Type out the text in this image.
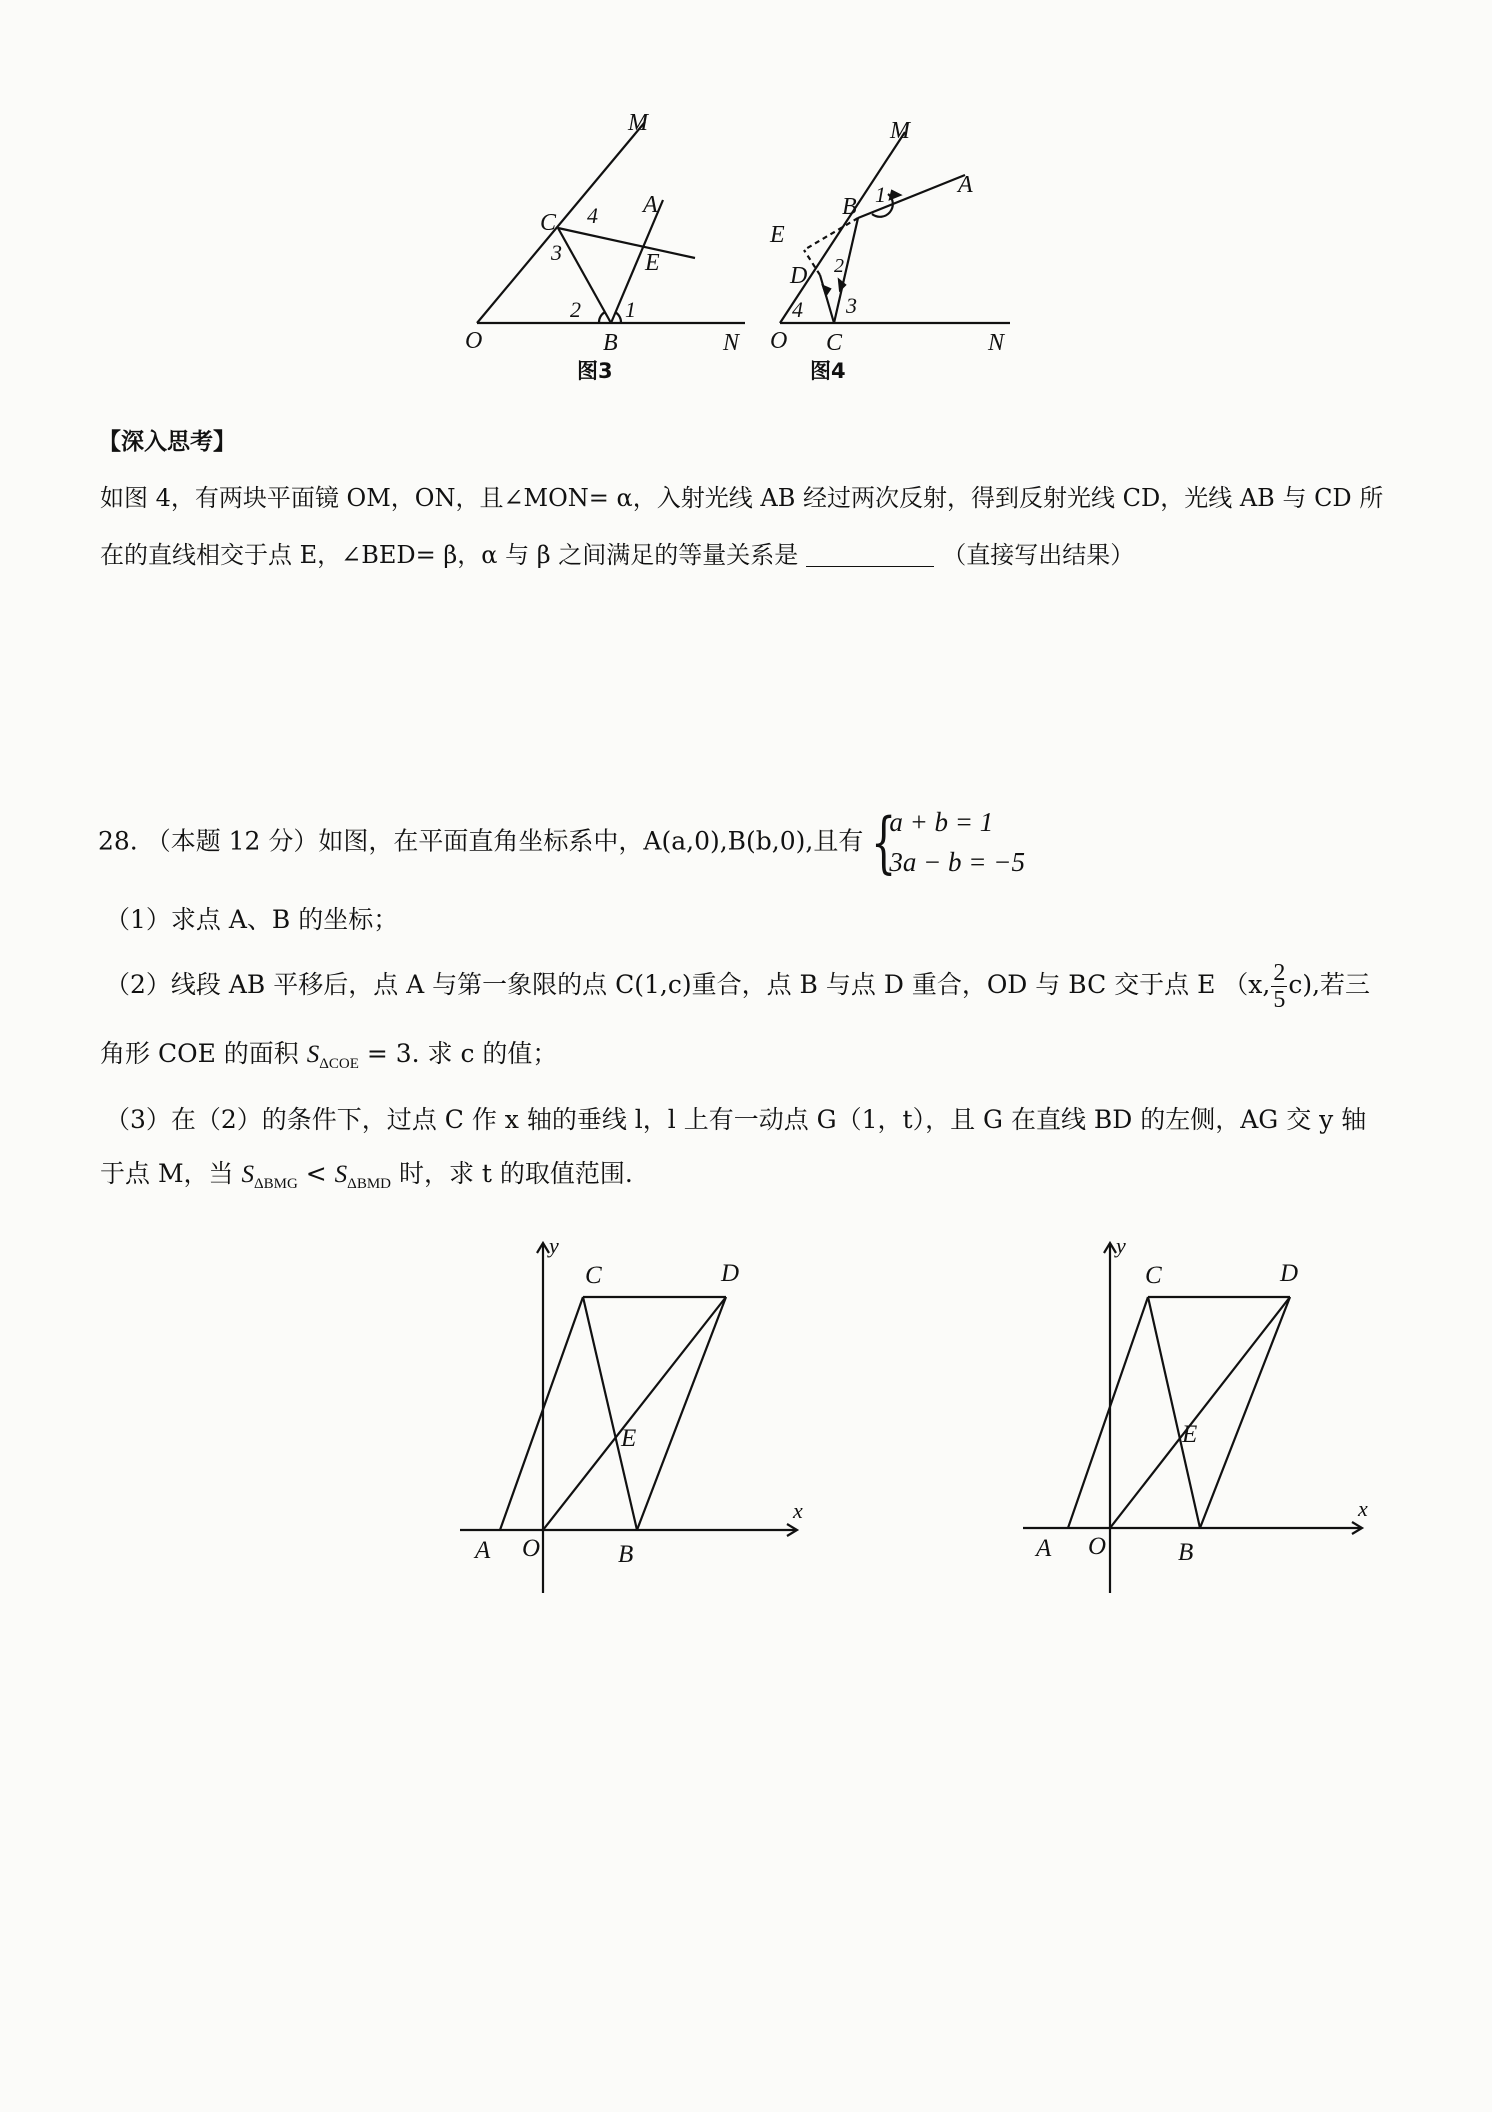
M
A
C 4
3	E
2 1
O	B	N
图3
M
A
B 1
E
D 2
4 3
O C	N
图4
【深入思考】
如图 4，有两块平面镜 OM，ON，且∠MON= α，入射光线 AB 经过两次反射，得到反射光线 CD，光线 AB 与 CD 所
在的直线相交于点 E，∠BED= β，α 与 β 之间满足的等量关系是	（直接写出结果）
28. （本题 12 分）如图，在平面直角坐标系中，A(a,0),B(b,0),且有 {
a + b = 1
3a − b = −5
（1）求点 A、B 的坐标；
（2）线段 AB 平移后，点 A 与第一象限的点 C(1,c)重合，点 B 与点 D 重合，OD 与 BC 交于点 E （x, $\frac{2}{5} c$),若三
角形 COE 的面积 $S_{\Delta COE} = 3$. 求 c 的值；
（3）在（2）的条件下，过点 C 作 x 轴的垂线 l，l 上有一动点 G（1，t），且 G 在直线 BD 的左侧，AG 交 y 轴
于点 M，当 $S_{\Delta BMG} < S_{\Delta BMD}$ 时，求 t 的取值范围.
y
x
C	D
E
A O	B
y
x
C	D
E
A O	B
